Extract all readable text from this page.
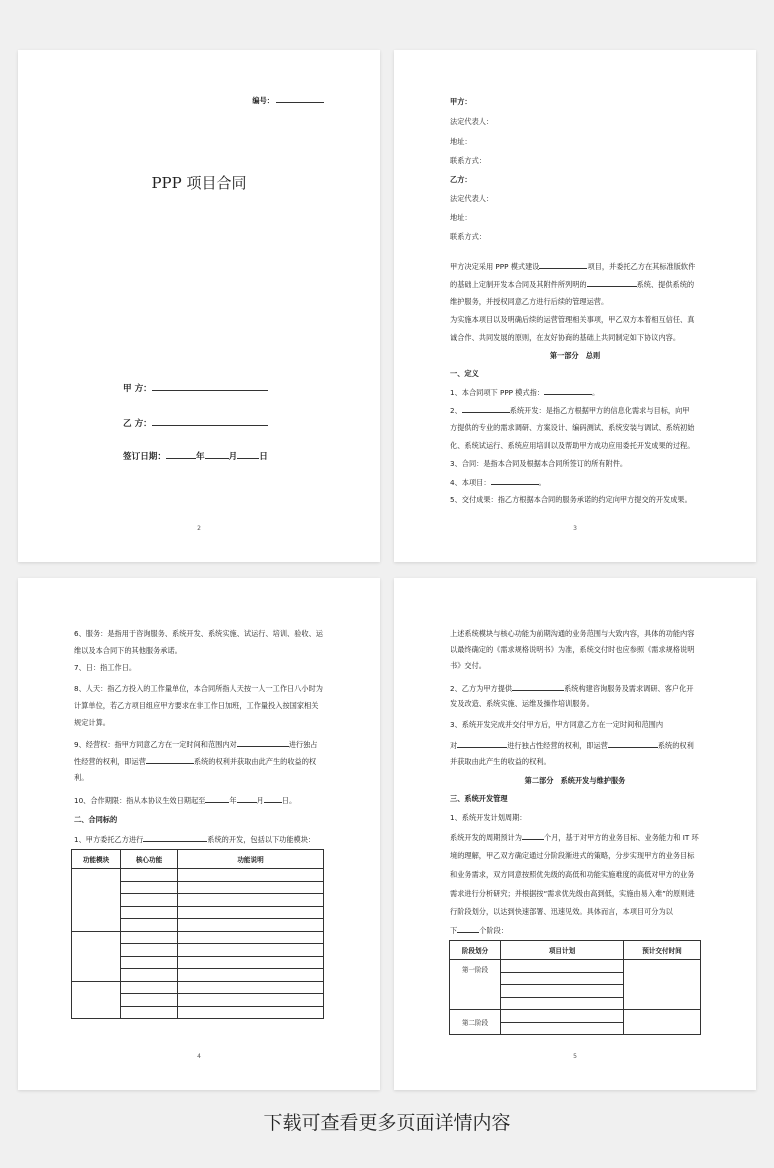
编号：
PPP 项目合同
甲 方：
乙 方：
签订日期：	年	月	日
2
甲方：
法定代表人：
地址：
联系方式：
乙方：
法定代表人：
地址：
联系方式：
甲方决定采用 PPP 模式建设	项目，并委托乙方在其标准版软件
的基础上定制开发本合同及其附件所列明的	系统、提供系统的
维护服务，并授权同意乙方进行后续的管理运营。
为实施本项目以及明确后续的运营管理相关事项，甲乙双方本着相互信任、真
诚合作、共同发展的原则，在友好协商的基础上共同制定如下协议内容。
第一部分　总则
一、定义
1、本合同项下 PPP 模式指：	。
2、	系统开发：是指乙方根据甲方的信息化需求与目标，向甲
方提供的专业的需求调研、方案设计、编码测试、系统安装与调试、系统初始
化、系统试运行、系统应用培训以及帮助甲方成功应用委托开发成果的过程。
3、合同：是指本合同及根据本合同所签订的所有附件。
4、本项目：	。
5、交付成果：指乙方根据本合同的服务承诺的约定向甲方提交的开发成果。
3
6、服务：是指用于咨询服务、系统开发、系统实施、试运行、培训、验收、运
维以及本合同下的其他服务承诺。
7、日：指工作日。
8、人天：指乙方投入的工作量单位，本合同所指人天按一人一工作日八小时为
计算单位，若乙方项目组应甲方要求在非工作日加班，工作量投入按国家相关
规定计算。
9、经营权：指甲方同意乙方在一定时间和范围内对	进行独占
性经营的权利，即运营	系统的权利并获取由此产生的收益的权
利。
10、合作期限：指从本协议生效日期起至	年	月	日。
二、合同标的
1、甲方委托乙方进行	系统的开发，包括以下功能模块：
功能模块	核心功能	功能说明

4
上述系统模块与核心功能为前期沟通的业务范围与大致内容，具体的功能内容
以最终确定的《需求规格说明书》为准，系统交付时也应参照《需求规格说明
书》交付。
2、乙方为甲方提供	系统构建咨询服务及需求调研、客户化开
发及改造、系统实施、运维及操作培训服务。
3、系统开发完成并交付甲方后，甲方同意乙方在一定时间和范围内
对	进行独占性经营的权利，即运营	系统的权利
并获取由此产生的收益的权利。
第二部分　系统开发与维护服务
三、系统开发管理
1、系统开发计划周期：
系统开发的周期预计为	个月，基于对甲方的业务目标、业务能力和 IT 环
境的理解，甲乙双方确定通过分阶段渐进式的策略，分步实现甲方的业务目标
和业务需求，双方同意按照优先级的高低和功能实施难度的高低对甲方的业务
需求进行分析研究；并根据按“需求优先级由高到低，实施由易入难”的原则进
行阶段划分，以达到快速部署、迅速见效。具体而言，本项目可分为以
下	个阶段：
阶段划分	项目计划	预计交付时间
第一阶段		

第二阶段		

5
下载可查看更多页面详情内容
